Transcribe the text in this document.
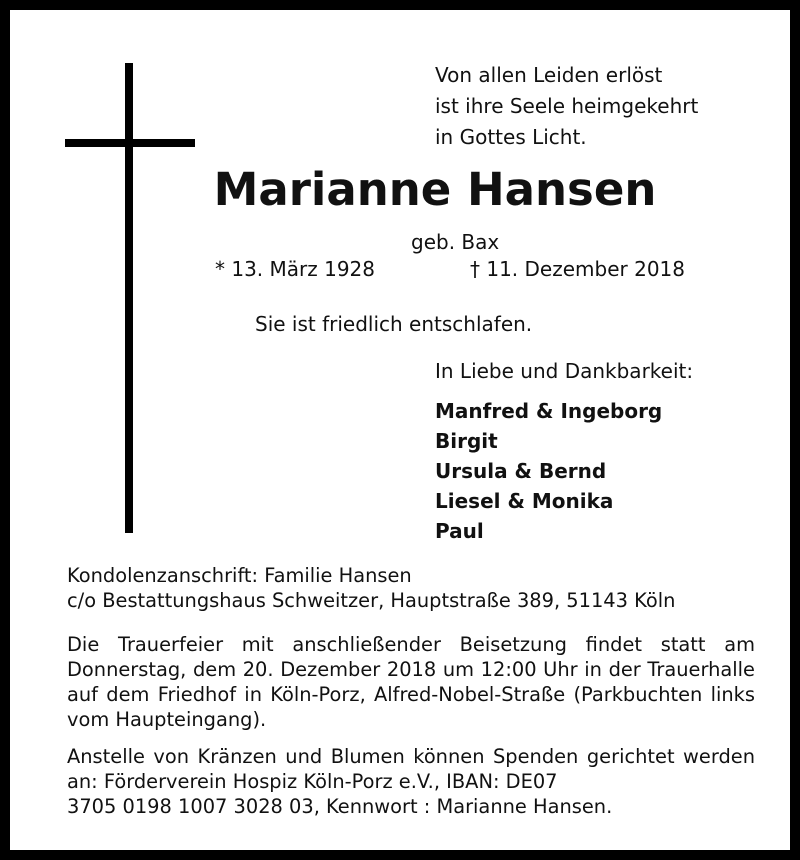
Von allen Leiden erlöst
ist ihre Seele heimgekehrt
in Gottes Licht.
Marianne Hansen
geb. Bax
* 13. März 1928	† 11. Dezember 2018
Sie ist friedlich entschlafen.
In Liebe und Dankbarkeit:
Manfred & Ingeborg
Birgit
Ursula & Bernd
Liesel & Monika
Paul
Kondolenzanschrift: Familie Hansen
c/o Bestattungshaus Schweitzer, Hauptstraße 389, 51143 Köln
Die Trauerfeier mit anschließender Beisetzung findet statt am Donnerstag, dem 20. Dezember 2018 um 12:00 Uhr in der Trauerhalle auf dem Friedhof in Köln-Porz, Alfred-Nobel-Straße (Parkbuchten links vom Haupteingang).
Anstelle von Kränzen und Blumen können Spenden gerichtet werden an: Förderverein Hospiz Köln-Porz e.V., IBAN: DE07
3705 0198 1007 3028 03, Kennwort : Marianne Hansen.
